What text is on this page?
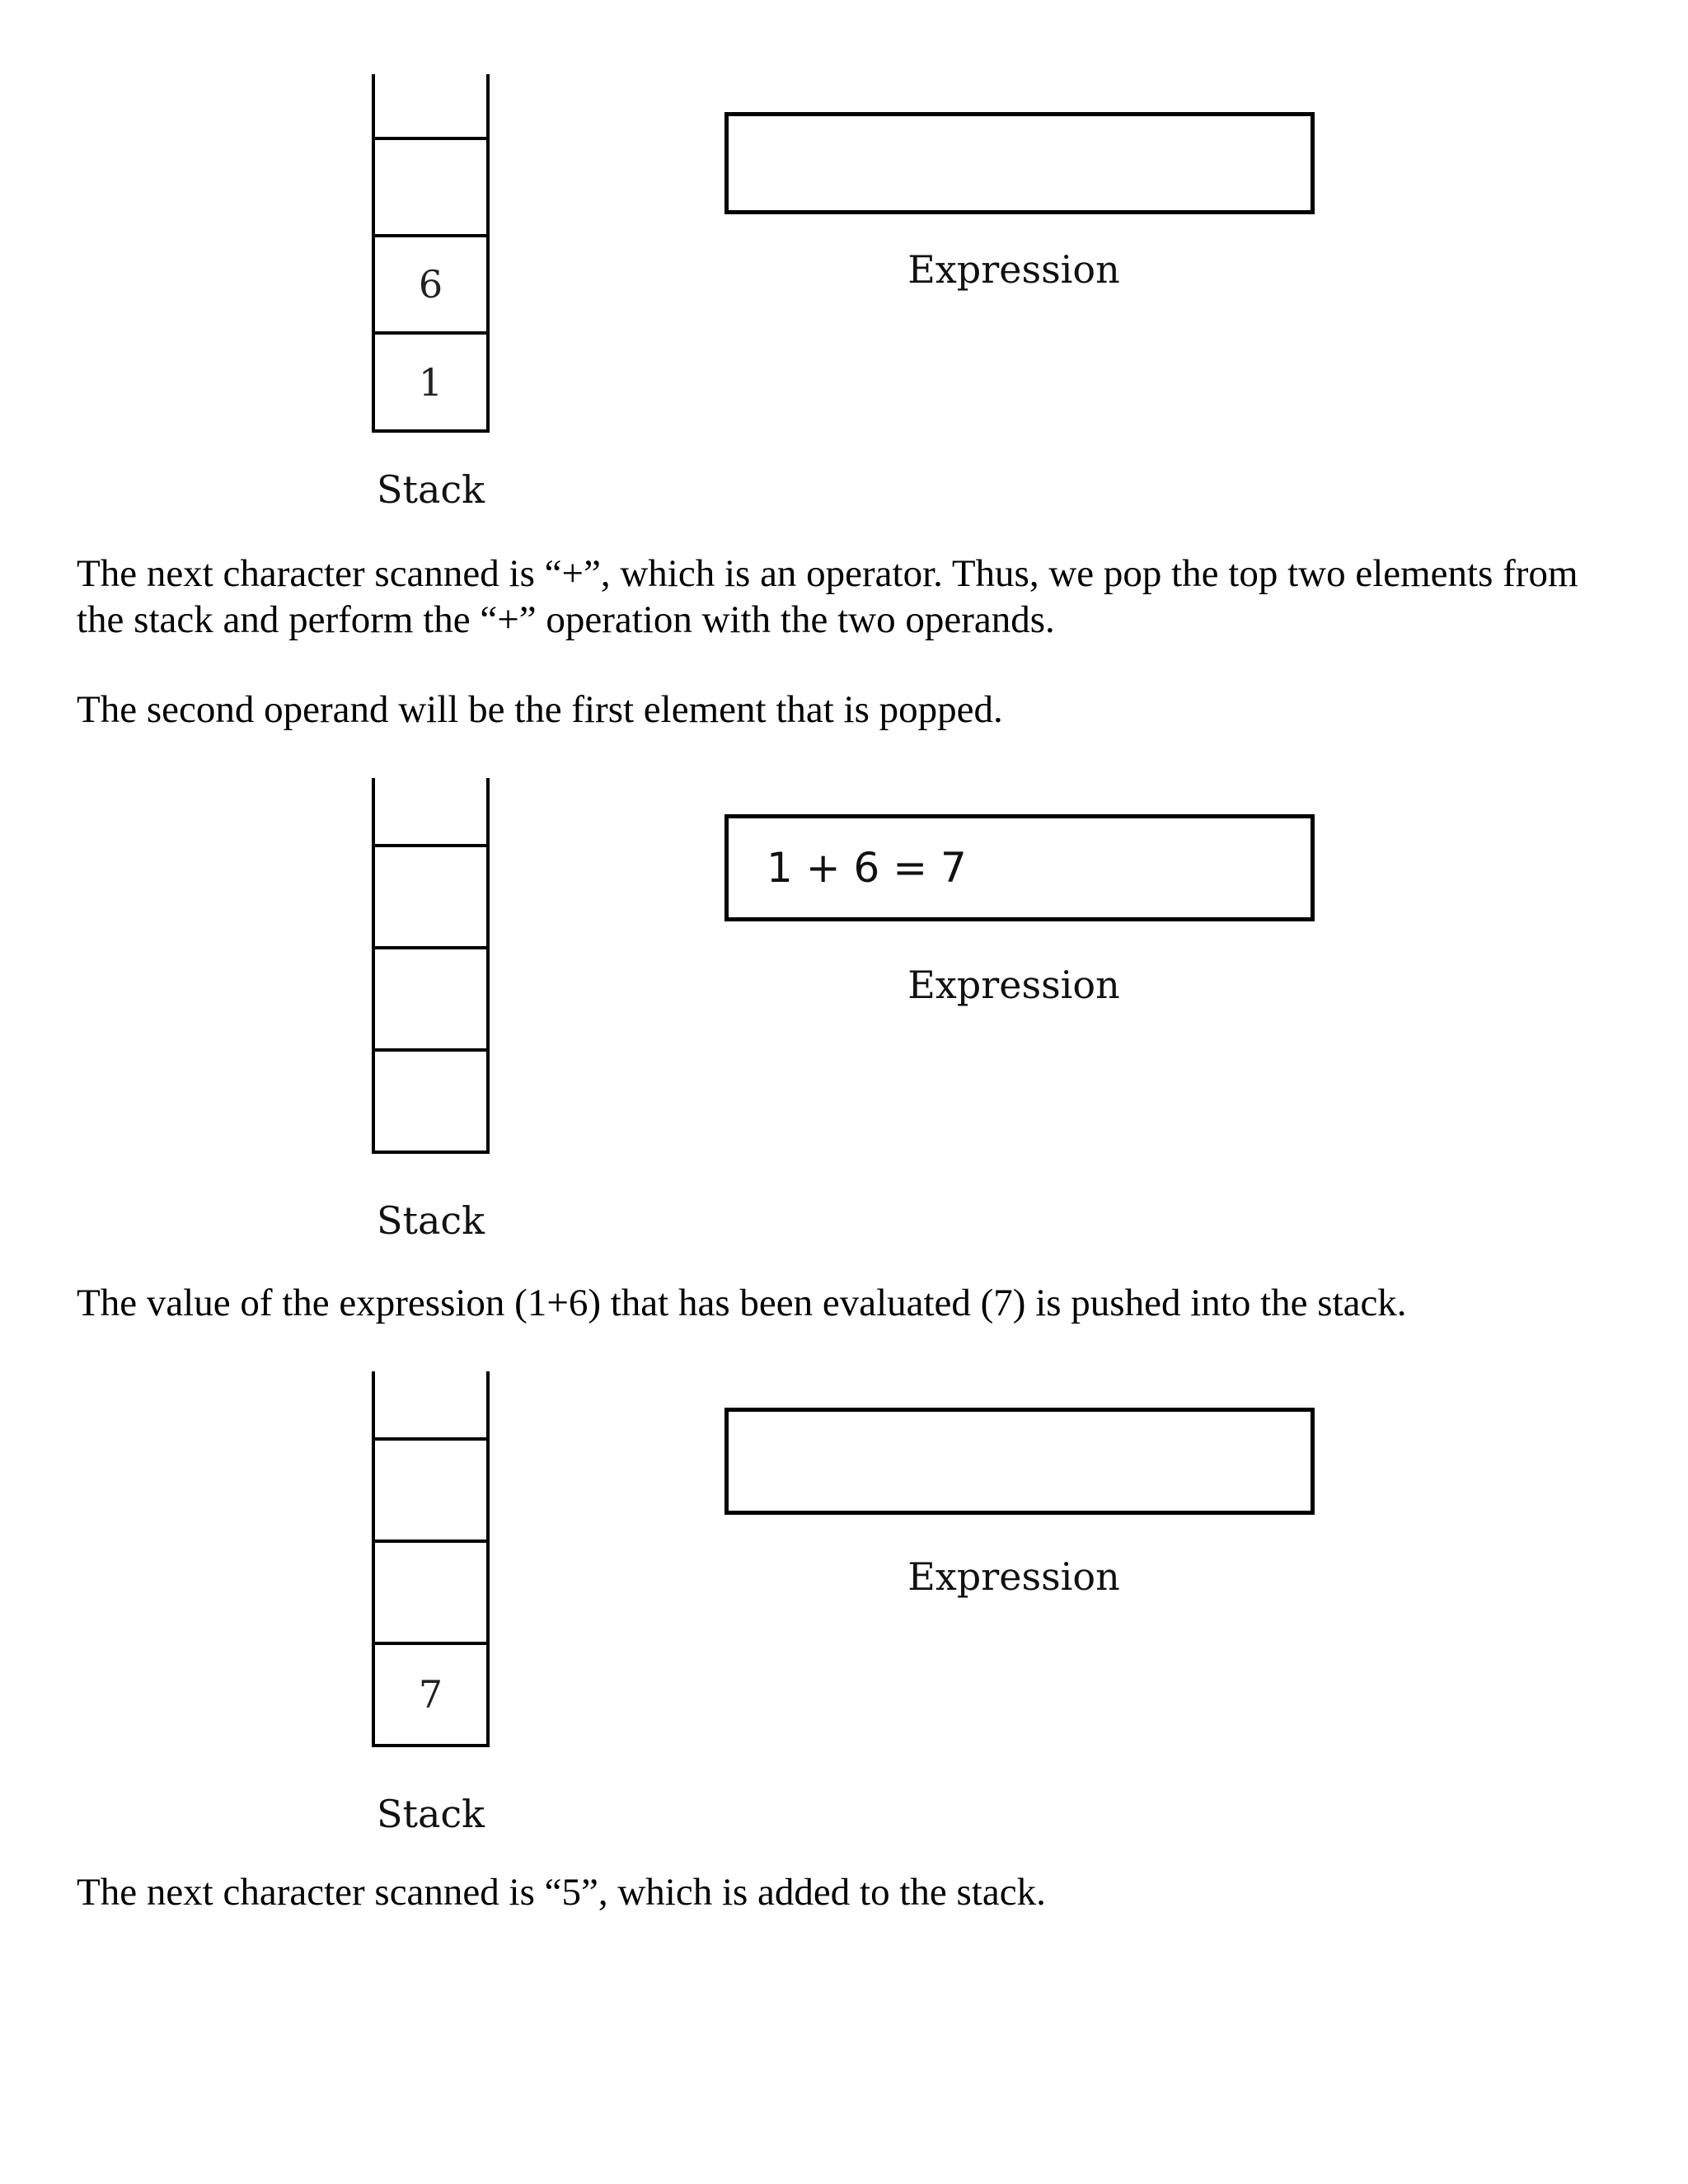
6
1
Expression
Stack

The next character scanned is “+”, which is an operator. Thus, we pop the top two elements from the stack and perform the “+” operation with the two operands.

The second operand will be the first element that is popped.

1 + 6 = 7
Expression
Stack

The value of the expression (1+6) that has been evaluated (7) is pushed into the stack.

7
Expression
Stack

The next character scanned is “5”, which is added to the stack.
